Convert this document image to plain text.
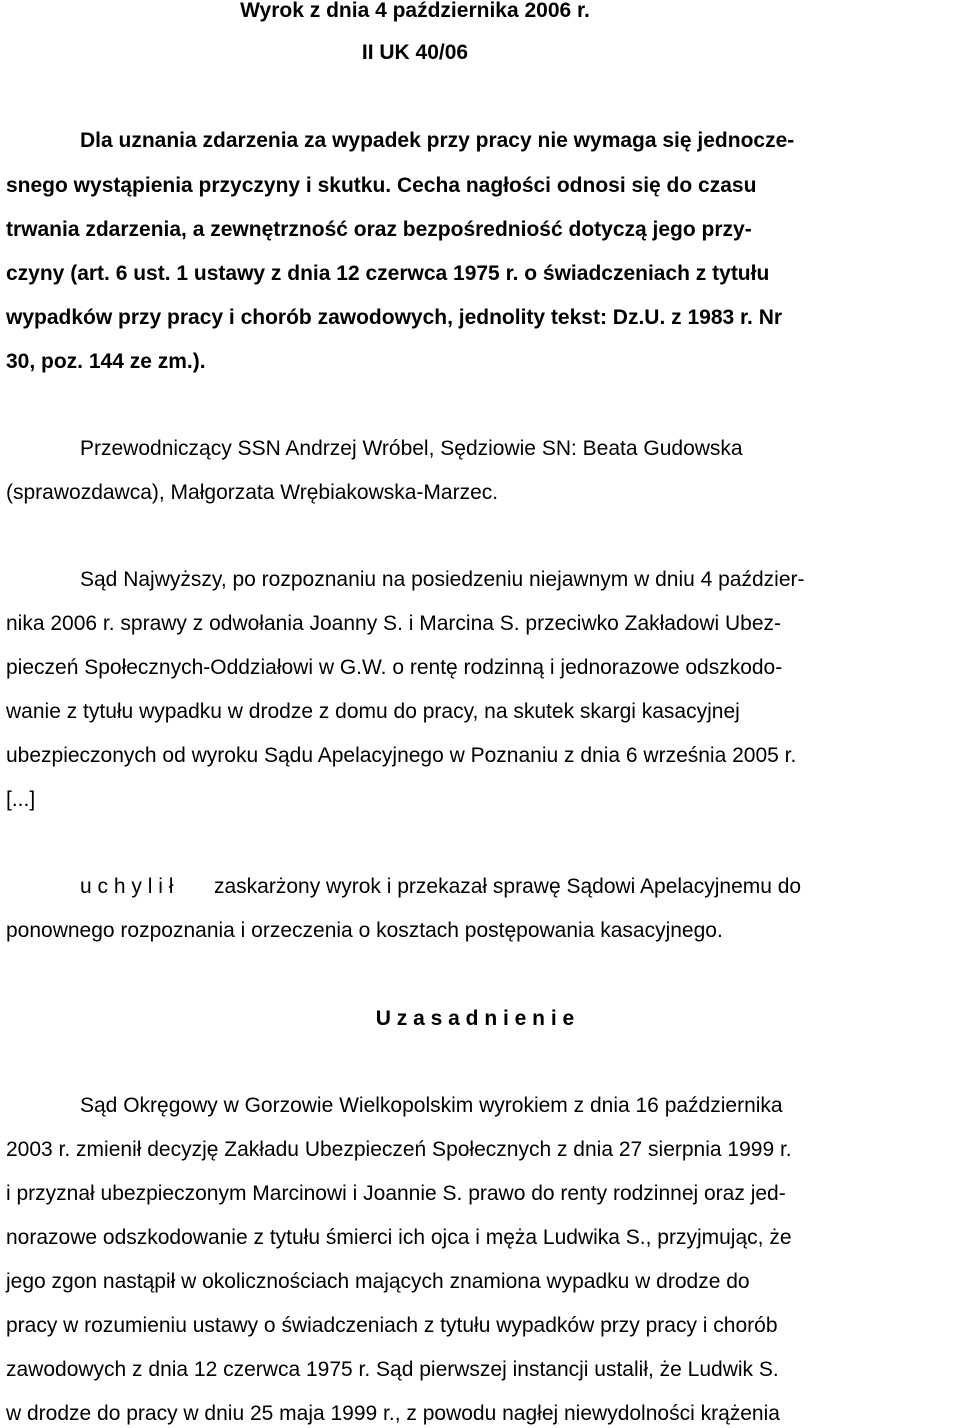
Wyrok z dnia 4 października 2006 r.
II UK 40/06
Dla uznania zdarzenia za wypadek przy pracy nie wymaga się jednocze-
snego wystąpienia przyczyny i skutku. Cecha nagłości odnosi się do czasu
trwania zdarzenia, a zewnętrzność oraz bezpośredniość dotyczą jego przy-
czyny (art. 6 ust. 1 ustawy z dnia 12 czerwca 1975 r. o świadczeniach z tytułu
wypadków przy pracy i chorób zawodowych, jednolity tekst: Dz.U. z 1983 r. Nr
30, poz. 144 ze zm.).
Przewodniczący SSN Andrzej Wróbel, Sędziowie SN: Beata Gudowska
(sprawozdawca), Małgorzata Wrębiakowska-Marzec.
Sąd Najwyższy, po rozpoznaniu na posiedzeniu niejawnym w dniu 4 paździer-
nika 2006 r. sprawy z odwołania Joanny S. i Marcina S. przeciwko Zakładowi Ubez-
pieczeń Społecznych-Oddziałowi w G.W. o rentę rodzinną i jednorazowe odszkodo-
wanie z tytułu wypadku w drodze z domu do pracy, na skutek skargi kasacyjnej
ubezpieczonych od wyroku Sądu Apelacyjnego w Poznaniu z dnia 6 września 2005 r.
[...]
u c h y l i ł zaskarżony wyrok i przekazał sprawę Sądowi Apelacyjnemu do
ponownego rozpoznania i orzeczenia o kosztach postępowania kasacyjnego.
U z a s a d n i e n i e
Sąd Okręgowy w Gorzowie Wielkopolskim wyrokiem z dnia 16 października
2003 r. zmienił decyzję Zakładu Ubezpieczeń Społecznych z dnia 27 sierpnia 1999 r.
i przyznał ubezpieczonym Marcinowi i Joannie S. prawo do renty rodzinnej oraz jed-
norazowe odszkodowanie z tytułu śmierci ich ojca i męża Ludwika S., przyjmując, że
jego zgon nastąpił w okolicznościach mających znamiona wypadku w drodze do
pracy w rozumieniu ustawy o świadczeniach z tytułu wypadków przy pracy i chorób
zawodowych z dnia 12 czerwca 1975 r. Sąd pierwszej instancji ustalił, że Ludwik S.
w drodze do pracy w dniu 25 maja 1999 r., z powodu nagłej niewydolności krążenia
